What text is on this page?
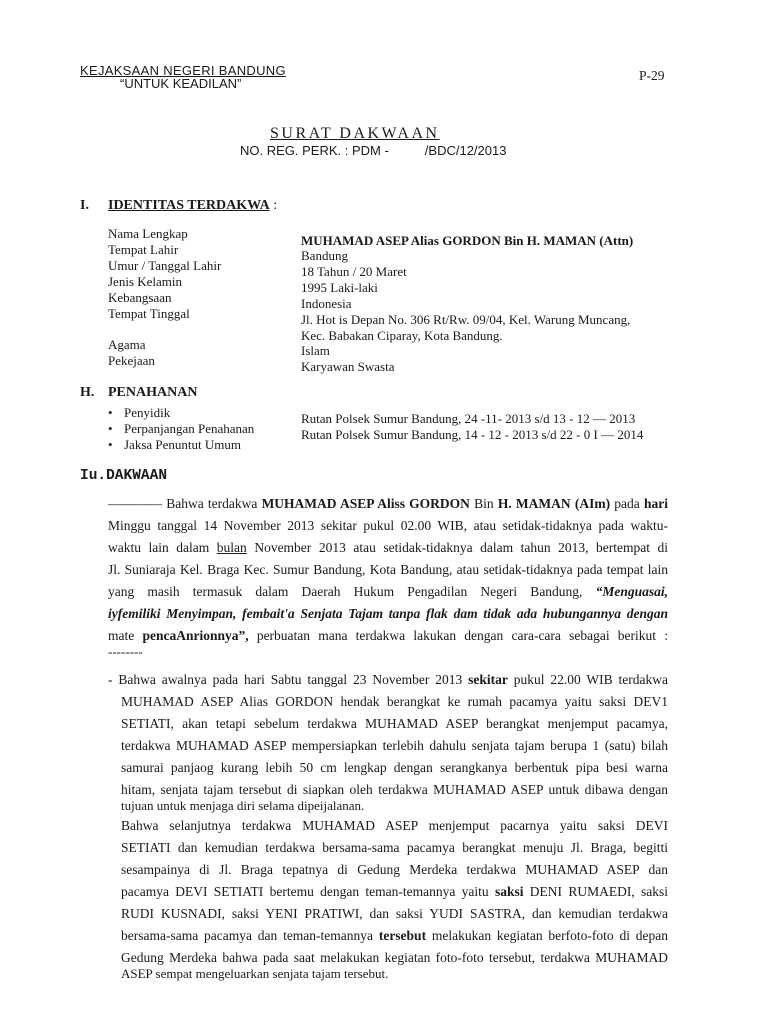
KEJAKSAAN NEGERI BANDUNG
“UNTUK KEADILAN”
P-29
SURAT DAKWAAN
NO. REG. PERK. : PDM -	/BDC/12/2013
I. IDENTITAS TERDAKWA :
Nama Lengkap
Tempat Lahir
Umur / Tanggal Lahir
Jenis Kelamin
Kebangsaan
Tempat Tinggal
Agama
Pekejaan
MUHAMAD ASEP Alias GORDON Bin H. MAMAN (Attn)
Bandung
18 Tahun / 20 Maret
1995 Laki-laki
Indonesia
Jl. Hot is Depan No. 306 Rt/Rw. 09/04, Kel. Warung Muncang,
Kec. Babakan Ciparay, Kota Bandung.
Islam
Karyawan Swasta
H. PENAHANAN
• Penyidik
• Perpanjangan Penahanan
• Jaksa Penuntut Umum
Rutan Polsek Sumur Bandung, 24 -11- 2013 s/d 13 - 12 — 2013
Rutan Polsek Sumur Bandung, 14 - 12 - 2013 s/d 22 - 0 I — 2014
Iu.DAKWAAN
———— Bahwa terdakwa MUHAMAD ASEP Aliss GORDON Bin H. MAMAN (AIm) pada hari
Minggu tanggal 14 November 2013 sekitar pukul 02.00 WIB, atau setidak-tidaknya pada waktu-
waktu lain dalam bulan November 2013 atau setidak-tidaknya dalam tahun 2013, bertempat di
Jl. Suniaraja Kel. Braga Kec. Sumur Bandung, Kota Bandung, atau setidak-tidaknya pada tempat lain
yang masih termasuk dalam Daerah Hukum Pengadilan Negeri Bandung, “Menguasai,
iyfemiliki Menyimpan, fembait'a Senjata Tajam tanpa flak dam tidak ada hubungannya dengan
mate pencaAnrionnya”, perbuatan mana terdakwa lakukan dengan cara-cara sebagai berikut :
--------
- Bahwa awalnya pada hari Sabtu tanggal 23 November 2013 sekitar pukul 22.00 WIB terdakwa
MUHAMAD ASEP Alias GORDON hendak berangkat ke rumah pacamya yaitu saksi DEV1
SETIATI, akan tetapi sebelum terdakwa MUHAMAD ASEP berangkat menjemput pacamya,
terdakwa MUHAMAD ASEP mempersiapkan terlebih dahulu senjata tajam berupa 1 (satu) bilah
samurai panjaog kurang lebih 50 cm lengkap dengan serangkanya berbentuk pipa besi warna
hitam, senjata tajam tersebut di siapkan oleh terdakwa MUHAMAD ASEP untuk dibawa dengan
tujuan untuk menjaga diri selama dipeijalanan.
Bahwa selanjutnya terdakwa MUHAMAD ASEP menjemput pacarnya yaitu saksi DEVI
SETIATI dan kemudian terdakwa bersama-sama pacamya berangkat menuju Jl. Braga, begitti
sesampainya di Jl. Braga tepatnya di Gedung Merdeka terdakwa MUHAMAD ASEP dan
pacamya DEVI SETIATI bertemu dengan teman-temannya yaitu saksi DENI RUMAEDI, saksi
RUDI KUSNADI, saksi YENI PRATIWI, dan saksi YUDI SASTRA, dan kemudian terdakwa
bersama-sama pacamya dan teman-temannya tersebut melakukan kegiatan berfoto-foto di depan
Gedung Merdeka bahwa pada saat melakukan kegiatan foto-foto tersebut, terdakwa MUHAMAD
ASEP sempat mengeluarkan senjata tajam tersebut.
